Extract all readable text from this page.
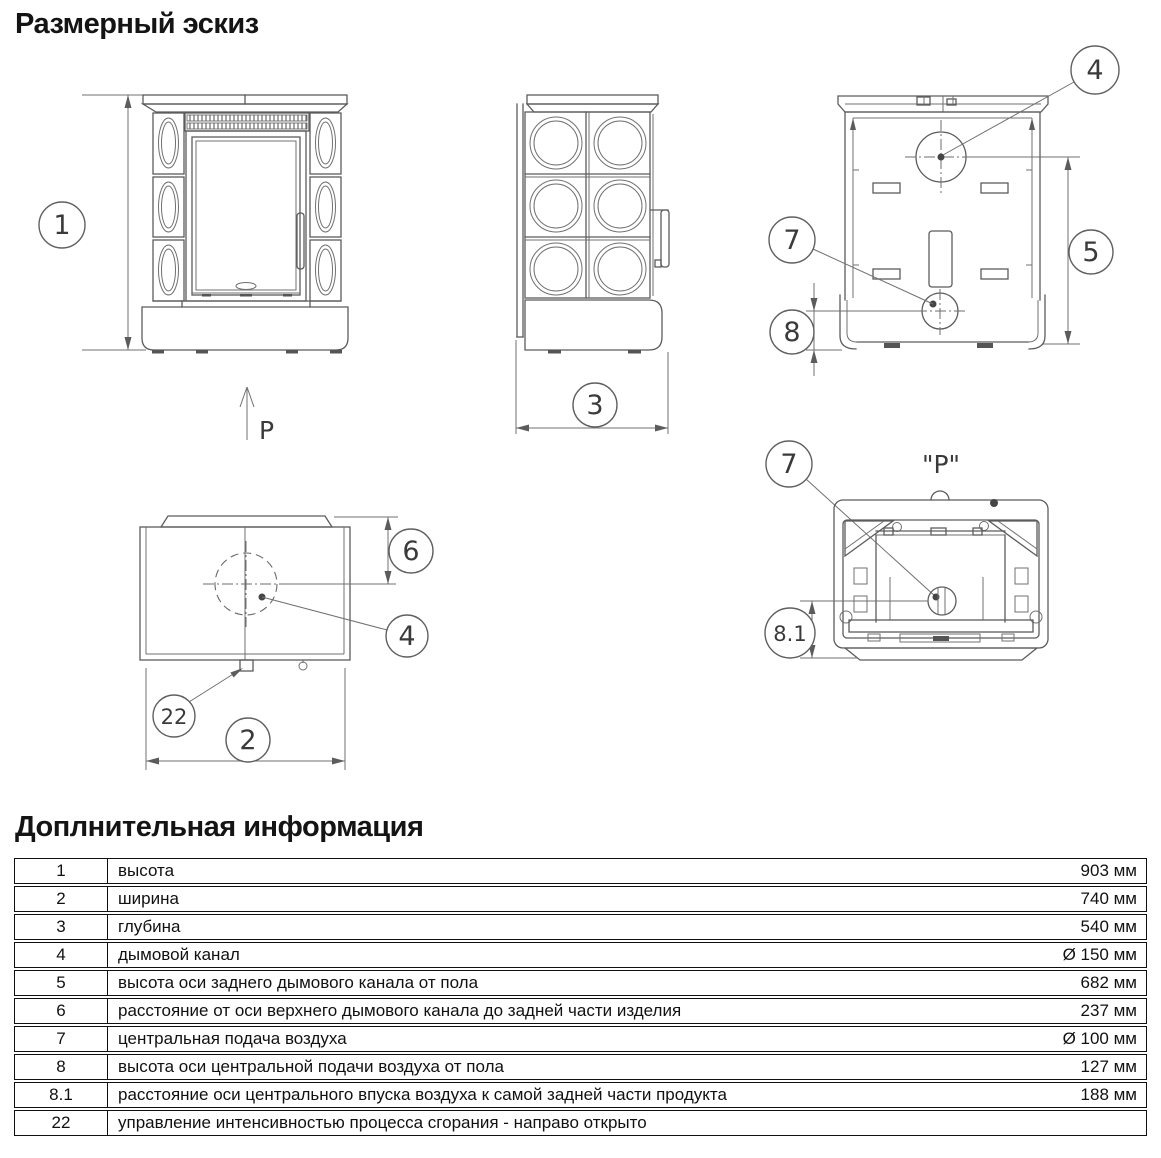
Размерный эскиз
1
P
3
4
5
7
8
4
6
22
2
"P"
7
8.1
Доплнительная информация
1	высота	903 мм
2	ширина	740 мм
3	глубина	540 мм
4	дымовой канал	Ø 150 мм
5	высота оси заднего дымового канала от пола	682 мм
6	расстояние от оси верхнего дымового канала до задней части изделия	237 мм
7	центральная подача воздуха	Ø 100 мм
8	высота оси центральной подачи воздуха от пола	127 мм
8.1	расстояние оси центрального впуска воздуха к самой задней части продукта	188 мм
22	управление интенсивностью процесса сгорания - направо открыто
